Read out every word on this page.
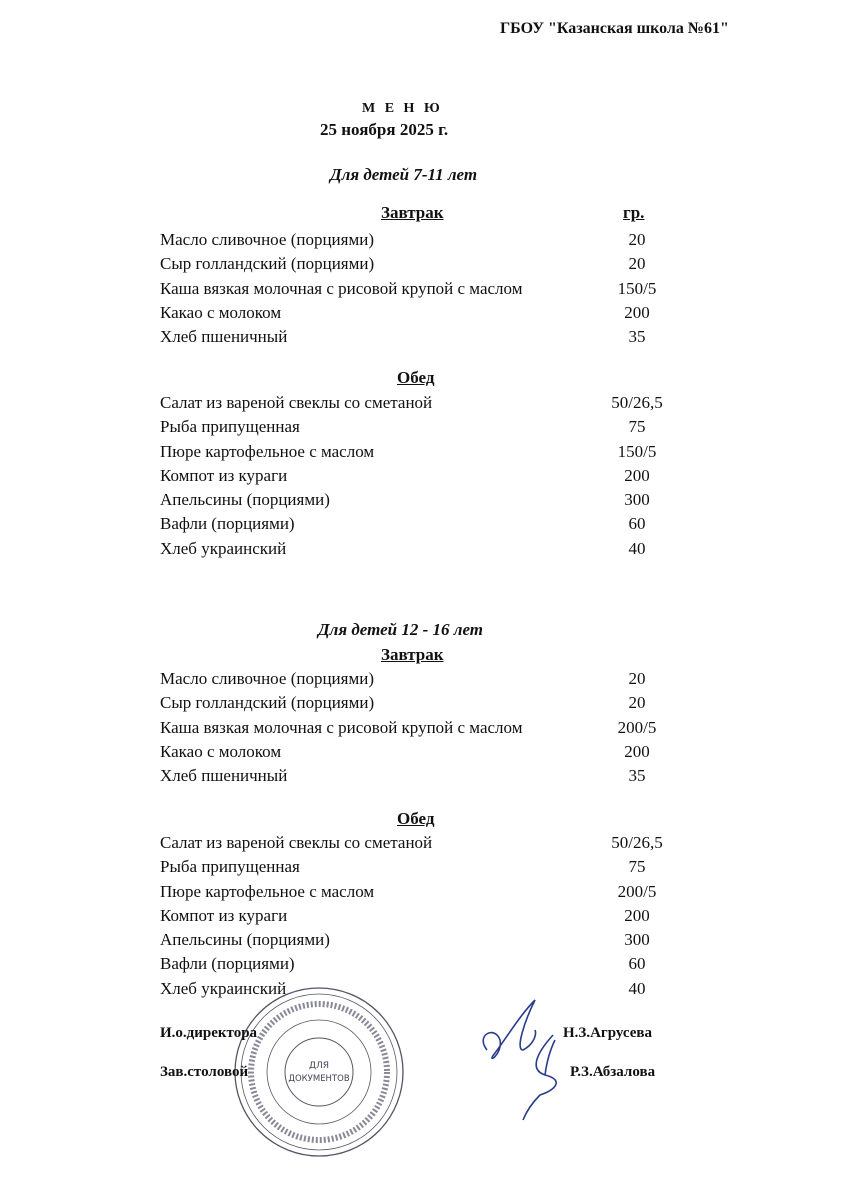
ГБОУ "Казанская школа №61"
М Е Н Ю
25 ноября 2025 г.
Для детей 7-11 лет
Завтрак	гр.
Масло сливочное (порциями)	20
Сыр голландский (порциями)	20
Каша вязкая молочная с рисовой крупой с маслом	150/5
Какао с молоком	200
Хлеб пшеничный	35
Обед
Салат из вареной свеклы со сметаной	50/26,5
Рыба припущенная	75
Пюре картофельное с маслом	150/5
Компот из кураги	200
Апельсины (порциями)	300
Вафли (порциями)	60
Хлеб украинский	40
Для детей 12 - 16 лет
Завтрак
Масло сливочное (порциями)	20
Сыр голландский (порциями)	20
Каша вязкая молочная с рисовой крупой с маслом	200/5
Какао с молоком	200
Хлеб пшеничный	35
Обед
Салат из вареной свеклы со сметаной	50/26,5
Рыба припущенная	75
Пюре картофельное с маслом	200/5
Компот из кураги	200
Апельсины (порциями)	300
Вафли (порциями)	60
Хлеб украинский	40
ДЛЯ
ДОКУМЕНТОВ
И.о.директора	Н.З.Агрусева
Зав.столовой	Р.З.Абзалова
